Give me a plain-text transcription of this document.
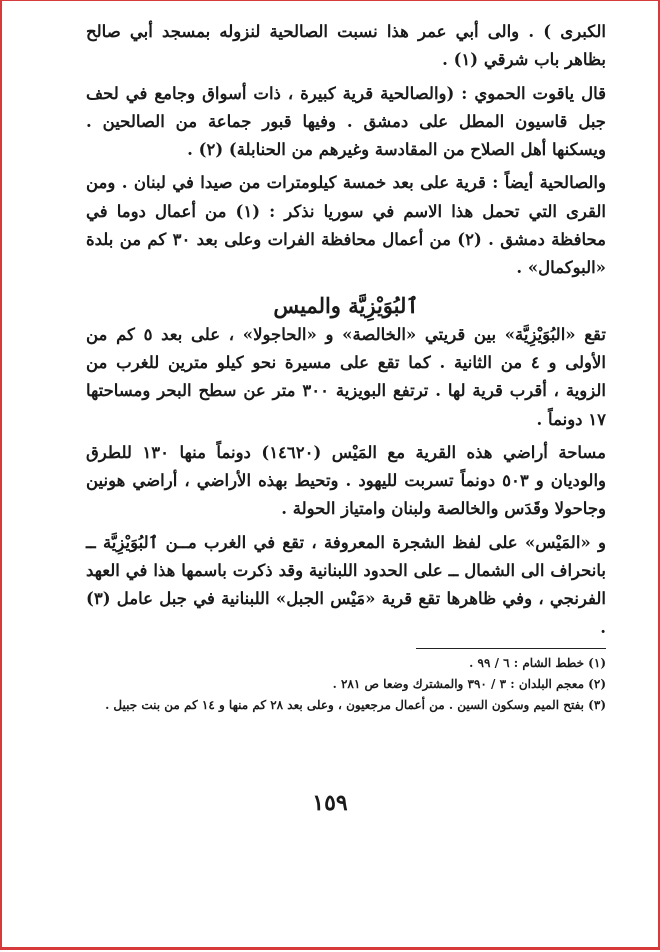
الكبرى ) . والى أبي عمر هذا نسبت الصالحية لنزوله بمسجد أبي صالح بظاهر باب شرقي (١) .

قال ياقوت الحموي : (والصالحية قرية كبيرة ، ذات أسواق وجامع في لحف جبل قاسيون المطل على دمشق . وفيها قبور جماعة من الصالحين . ويسكنها أهل الصلاح من المقادسة وغيرهم من الحنابلة) (٢) .

والصالحية أيضاً : قرية على بعد خمسة كيلومترات من صيدا في لبنان . ومن القرى التي تحمل هذا الاسم في سوريا نذكر : (١) من أعمال دوما في محافظة دمشق . (٢) من أعمال محافظة الفرات وعلى بعد ٣٠ كم من بلدة «البوكمال» .

ٱلبُوَيْزِيَّة والميس

تقع «البُوَيْزِيَّة» بين قريتي «الخالصة» و «الحاجولا» ، على بعد ٥ كم من الأولى و ٤ من الثانية . كما تقع على مسيرة نحو كيلو مترين للغرب من الزوية ، أقرب قرية لها . ترتفع البويزية ٣٠٠ متر عن سطح البحر ومساحتها ١٧ دونماً .

مساحة أراضي هذه القرية مع المَيْس (١٤٦٢٠) دونماً منها ١٣٠ للطرق والوديان و ٥٠٣ دونماً تسربت لليهود . وتحيط بهذه الأراضي ، أراضي هونين وجاحولا وقَدَس والخالصة ولبنان وامتياز الحولة .

و «المَيْس» على لفظ الشجرة المعروفة ، تقع في الغرب مــن ٱلبُوَيْزِيَّة ــ بانحراف الى الشمال ــ على الحدود اللبنانية وقد ذكرت باسمها هذا في العهد الفرنجي ، وفي ظاهرها تقع قرية «مَيْس الجبل» اللبنانية في جبل عامل (٣) .

(١) خطط الشام : ٦ / ٩٩ .

(٢) معجم البلدان : ٣ / ٣٩٠ والمشترك وضعا ص ٢٨١ .

(٣) بفتح الميم وسكون السين . من أعمال مرجعيون ، وعلى بعد ٢٨ كم منها و ١٤ كم من بنت جبيل .

١٥٩
